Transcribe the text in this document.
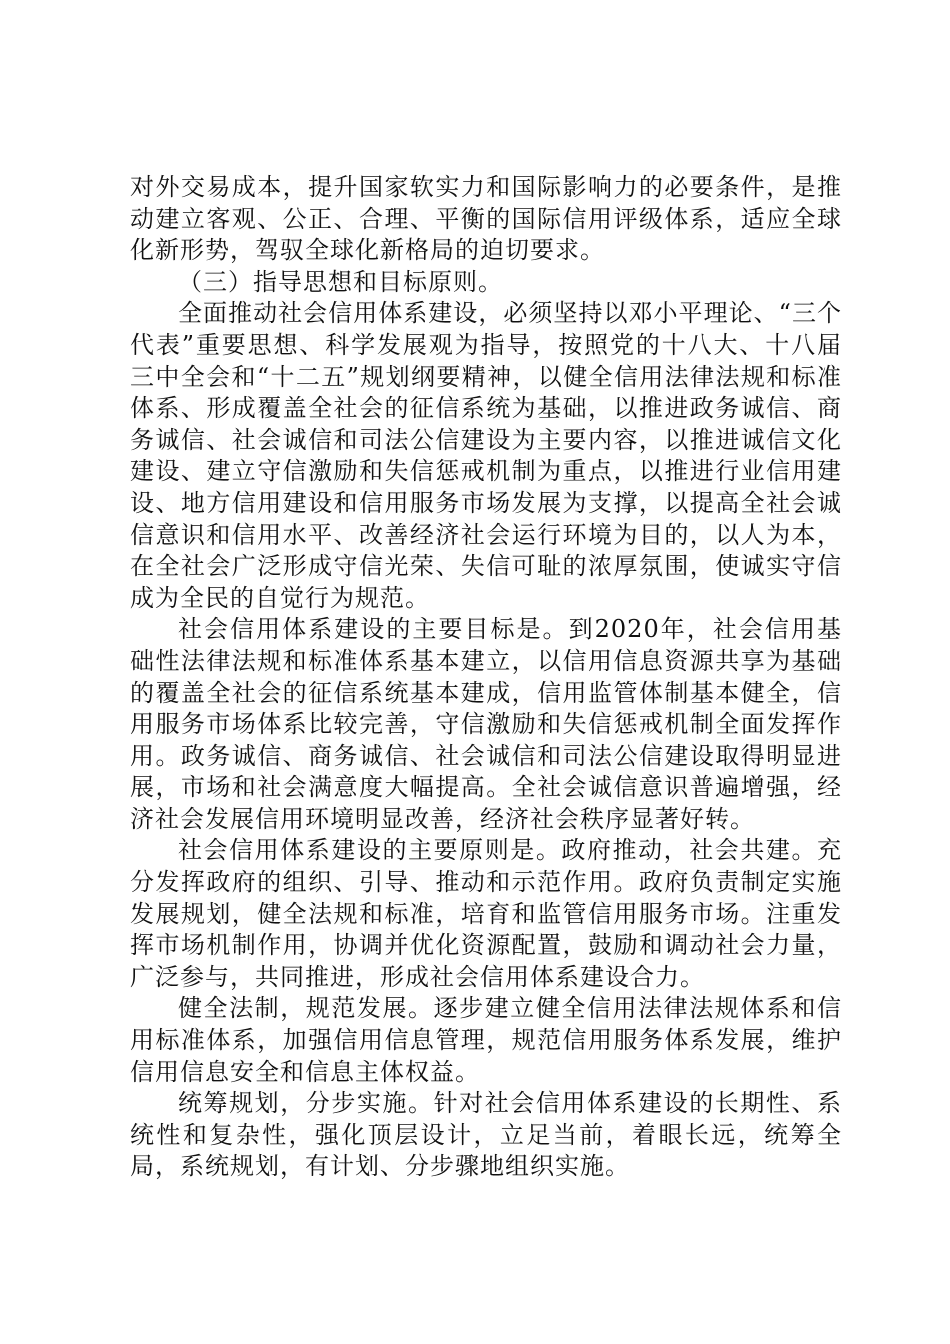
对外交易成本，提升国家软实力和国际影响力的必要条件，是推动建立客观、公正、合理、平衡的国际信用评级体系，适应全球化新形势，驾驭全球化新格局的迫切要求。

（三）指导思想和目标原则。

全面推动社会信用体系建设，必须坚持以邓小平理论、“三个代表”重要思想、科学发展观为指导，按照党的十八大、十八届三中全会和“十二五”规划纲要精神，以健全信用法律法规和标准体系、形成覆盖全社会的征信系统为基础，以推进政务诚信、商务诚信、社会诚信和司法公信建设为主要内容，以推进诚信文化建设、建立守信激励和失信惩戒机制为重点，以推进行业信用建设、地方信用建设和信用服务市场发展为支撑，以提高全社会诚信意识和信用水平、改善经济社会运行环境为目的，以人为本，在全社会广泛形成守信光荣、失信可耻的浓厚氛围，使诚实守信成为全民的自觉行为规范。

社会信用体系建设的主要目标是。到2020年，社会信用基础性法律法规和标准体系基本建立，以信用信息资源共享为基础的覆盖全社会的征信系统基本建成，信用监管体制基本健全，信用服务市场体系比较完善，守信激励和失信惩戒机制全面发挥作用。政务诚信、商务诚信、社会诚信和司法公信建设取得明显进展，市场和社会满意度大幅提高。全社会诚信意识普遍增强，经济社会发展信用环境明显改善，经济社会秩序显著好转。

社会信用体系建设的主要原则是。政府推动，社会共建。充分发挥政府的组织、引导、推动和示范作用。政府负责制定实施发展规划，健全法规和标准，培育和监管信用服务市场。注重发挥市场机制作用，协调并优化资源配置，鼓励和调动社会力量，广泛参与，共同推进，形成社会信用体系建设合力。

健全法制，规范发展。逐步建立健全信用法律法规体系和信用标准体系，加强信用信息管理，规范信用服务体系发展，维护信用信息安全和信息主体权益。

统筹规划，分步实施。针对社会信用体系建设的长期性、系统性和复杂性，强化顶层设计，立足当前，着眼长远，统筹全局，系统规划，有计划、分步骤地组织实施。
